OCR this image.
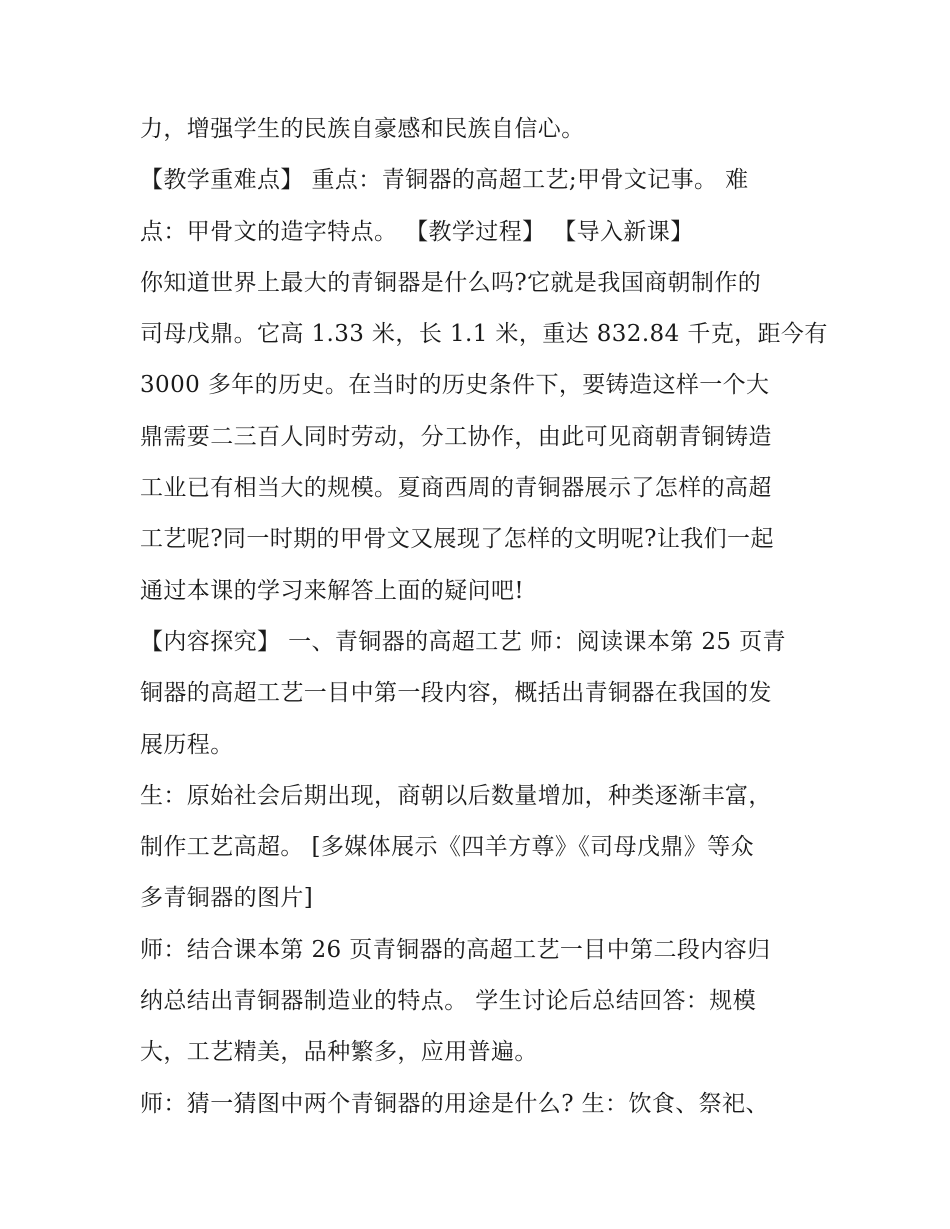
力，增强学生的民族自豪感和民族自信心。
【教学重难点】 重点：青铜器的高超工艺;甲骨文记事。 难
点：甲骨文的造字特点。 【教学过程】 【导入新课】
你知道世界上最大的青铜器是什么吗?它就是我国商朝制作的
司母戊鼎。它高 1.33 米，长 1.1 米，重达 832.84 千克，距今有
3000 多年的历史。在当时的历史条件下，要铸造这样一个大
鼎需要二三百人同时劳动，分工协作，由此可见商朝青铜铸造
工业已有相当大的规模。夏商西周的青铜器展示了怎样的高超
工艺呢?同一时期的甲骨文又展现了怎样的文明呢?让我们一起
通过本课的学习来解答上面的疑问吧!
【内容探究】 一、青铜器的高超工艺 师：阅读课本第 25 页青
铜器的高超工艺一目中第一段内容，概括出青铜器在我国的发
展历程。
生：原始社会后期出现，商朝以后数量增加，种类逐渐丰富，
制作工艺高超。 [多媒体展示《四羊方尊》《司母戊鼎》等众
多青铜器的图片]
师：结合课本第 26 页青铜器的高超工艺一目中第二段内容归
纳总结出青铜器制造业的特点。 学生讨论后总结回答：规模
大，工艺精美，品种繁多，应用普遍。
师：猜一猜图中两个青铜器的用途是什么? 生：饮食、祭祀、
